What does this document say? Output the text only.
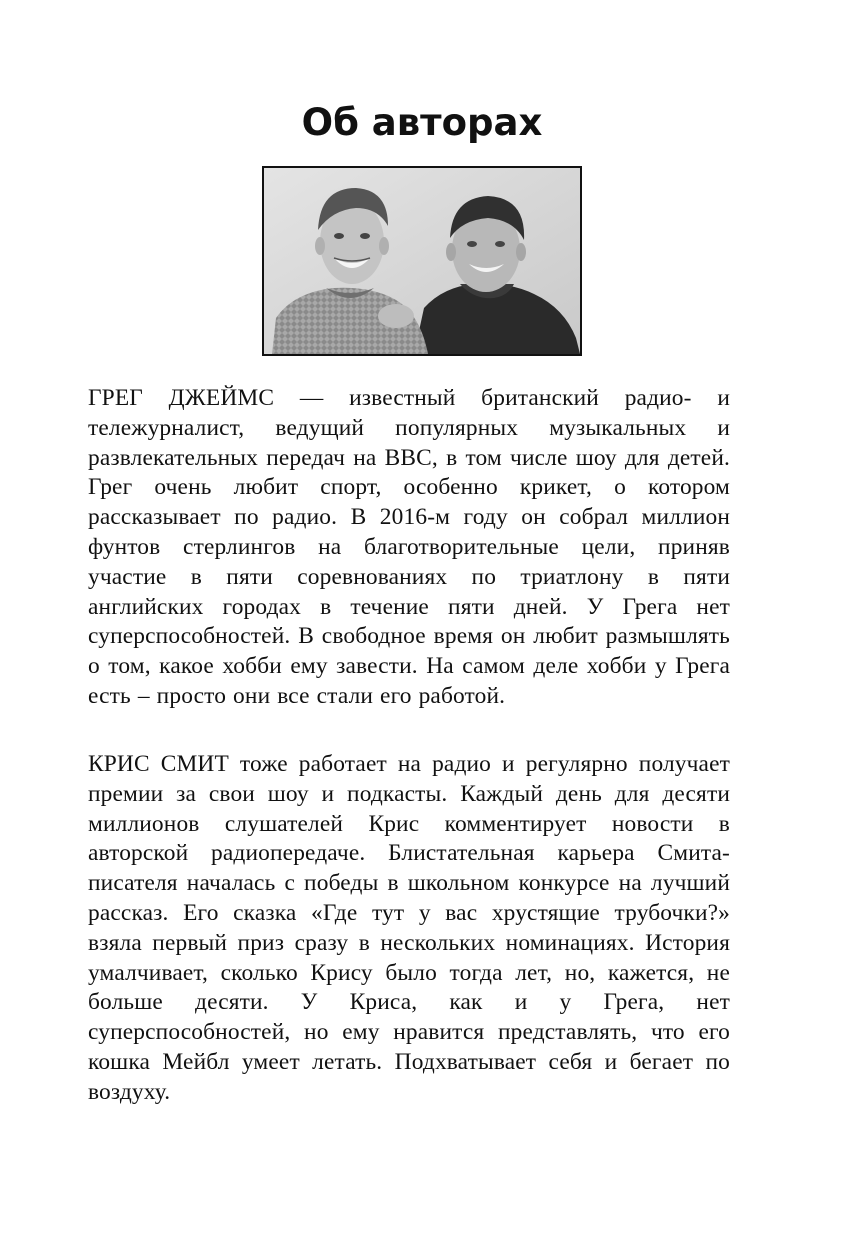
Об авторах

ГРЕГ ДЖЕЙМС — известный британский радио- и тележурналист, ведущий популярных музыкальных и развлекательных передач на BBC, в том числе шоу для детей. Грег очень любит спорт, особенно крикет, о котором рассказывает по радио. В 2016-м году он собрал миллион фунтов стерлингов на благотворительные цели, приняв участие в пяти соревнованиях по триатлону в пяти английских городах в течение пяти дней. У Грега нет суперспособностей. В свободное время он любит размышлять о том, какое хобби ему завести. На самом деле хобби у Грега есть – просто они все стали его работой.

КРИС СМИТ тоже работает на радио и регулярно получает премии за свои шоу и подкасты. Каждый день для десяти миллионов слушателей Крис комментирует новости в авторской радиопередаче. Блистательная карьера Смита-писателя началась с победы в школьном конкурсе на лучший рассказ. Его сказка «Где тут у вас хрустящие трубочки?» взяла первый приз сразу в нескольких номинациях. История умалчивает, сколько Крису было тогда лет, но, кажется, не больше десяти. У Криса, как и у Грега, нет суперспособностей, но ему нравится представлять, что его кошка Мейбл умеет летать. Подхватывает себя и бегает по воздуху.
